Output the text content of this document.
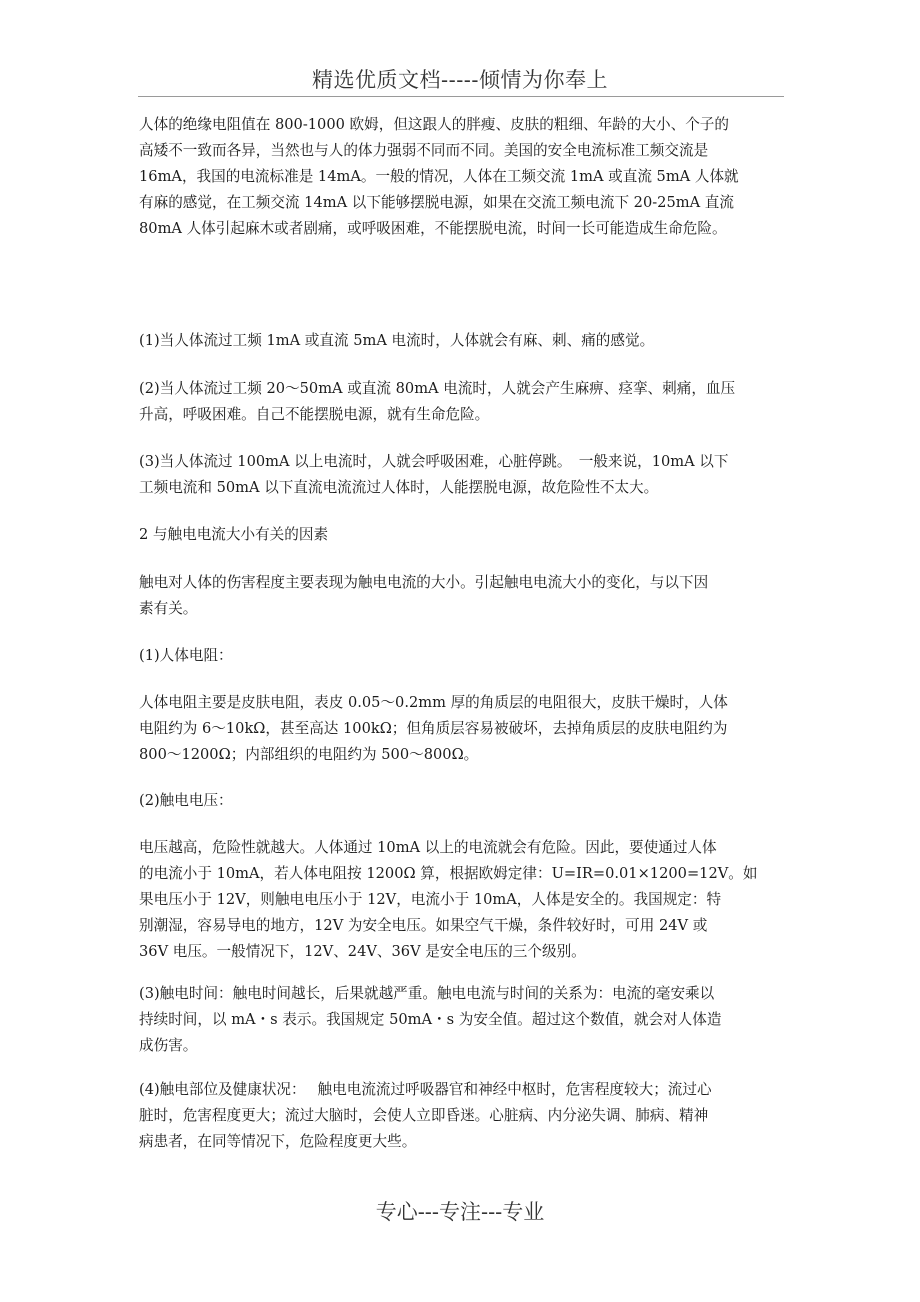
精选优质文档-----倾情为你奉上
人体的绝缘电阻值在 800-1000 欧姆，但这跟人的胖瘦、皮肤的粗细、年龄的大小、个子的
高矮不一致而各异，当然也与人的体力强弱不同而不同。美国的安全电流标准工频交流是
16mA，我国的电流标准是 14mA。一般的情况，人体在工频交流 1mA 或直流 5mA 人体就
有麻的感觉，在工频交流 14mA 以下能够摆脱电源，如果在交流工频电流下 20-25mA 直流
80mA 人体引起麻木或者剧痛，或呼吸困难，不能摆脱电流，时间一长可能造成生命危险。
(1)当人体流过工频 1mA 或直流 5mA 电流时，人体就会有麻、刺、痛的感觉。
(2)当人体流过工频 20～50mA 或直流 80mA 电流时，人就会产生麻痹、痉挛、刺痛，血压
升高，呼吸困难。自己不能摆脱电源，就有生命危险。
(3)当人体流过 100mA 以上电流时，人就会呼吸困难，心脏停跳。　一般来说，10mA 以下
工频电流和 50mA 以下直流电流流过人体时，人能摆脱电源，故危险性不太大。
2 与触电电流大小有关的因素
触电对人体的伤害程度主要表现为触电电流的大小。引起触电电流大小的变化，与以下因
素有关。
(1)人体电阻：
人体电阻主要是皮肤电阻，表皮 0.05～0.2mm 厚的角质层的电阻很大，皮肤干燥时，人体
电阻约为 6～10kΩ，甚至高达 100kΩ；但角质层容易被破坏，去掉角质层的皮肤电阻约为
800～1200Ω；内部组织的电阻约为 500～800Ω。
(2)触电电压：
电压越高，危险性就越大。人体通过 10mA 以上的电流就会有危险。因此，要使通过人体
的电流小于 10mA，若人体电阻按 1200Ω 算，根据欧姆定律：U=IR=0.01×1200=12V。如
果电压小于 12V，则触电电压小于 12V，电流小于 10mA，人体是安全的。我国规定：特
别潮湿，容易导电的地方，12V 为安全电压。如果空气干燥，条件较好时，可用 24V 或
36V 电压。一般情况下，12V、24V、36V 是安全电压的三个级别。
(3)触电时间：触电时间越长，后果就越严重。触电电流与时间的关系为：电流的毫安乘以
持续时间，以 mA・s 表示。我国规定 50mA・s 为安全值。超过这个数值，就会对人体造
成伤害。
(4)触电部位及健康状况：　 触电电流流过呼吸器官和神经中枢时，危害程度较大；流过心
脏时，危害程度更大；流过大脑时，会使人立即昏迷。心脏病、内分泌失调、肺病、精神
病患者，在同等情况下，危险程度更大些。
专心---专注---专业
